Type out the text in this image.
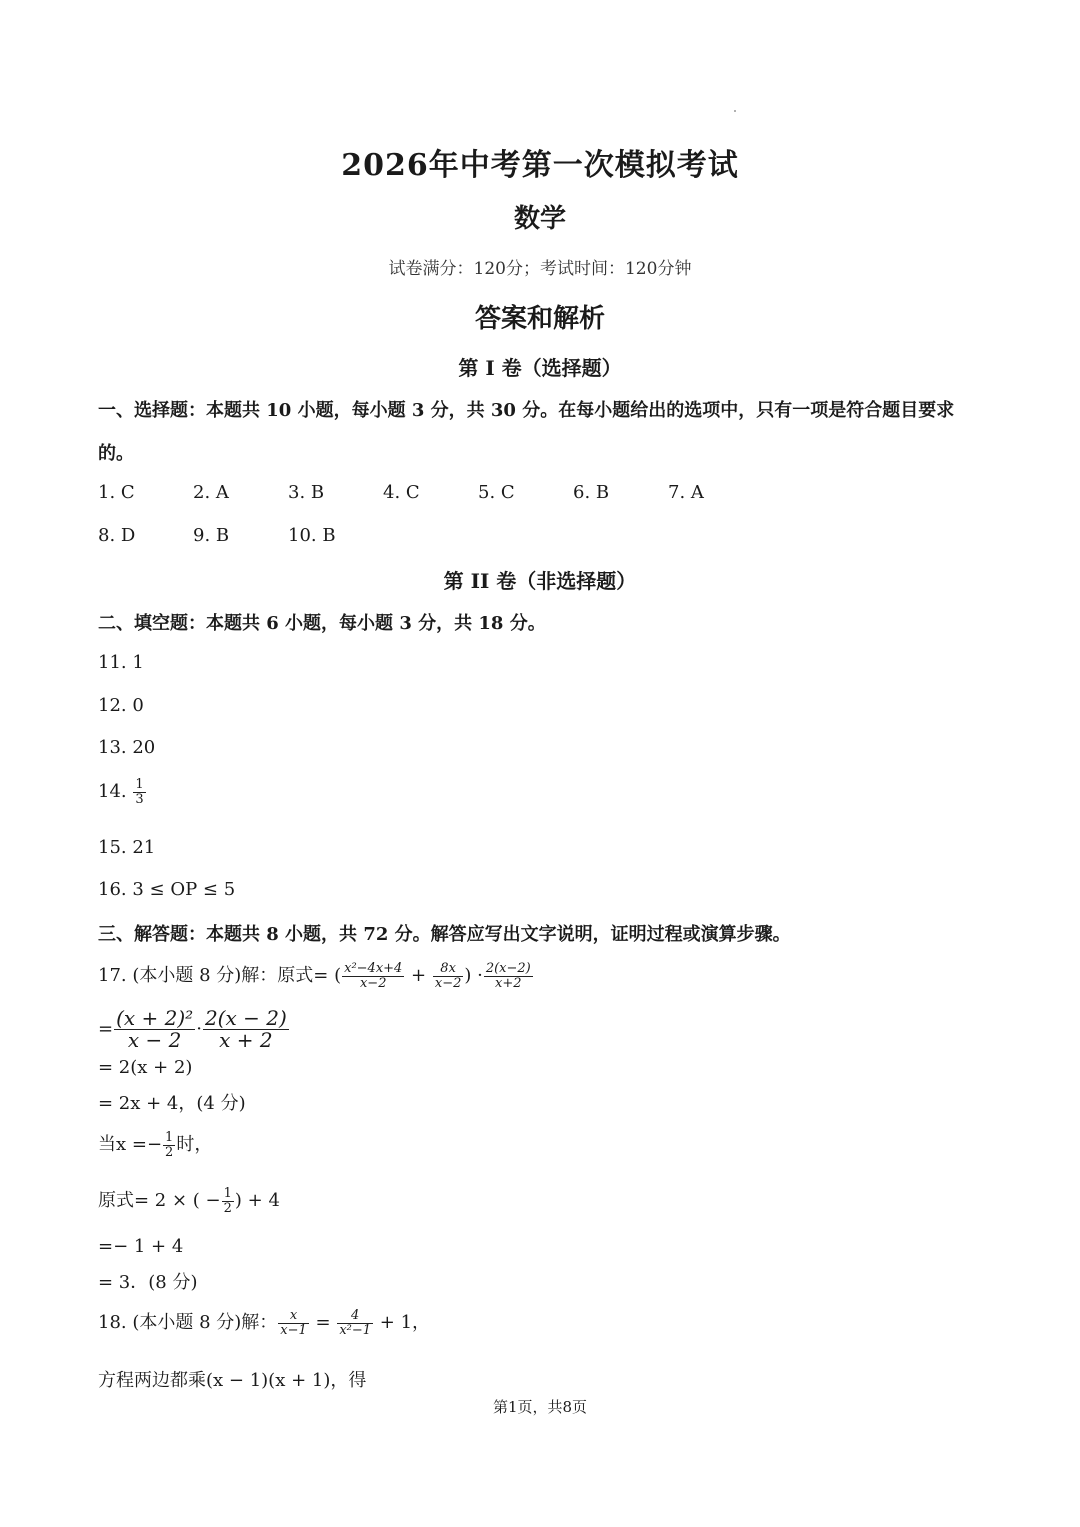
2026年中考第一次模拟考试
数学
试卷满分：120分；考试时间：120分钟
答案和解析
第 I 卷（选择题）
一、选择题：本题共 10 小题，每小题 3 分，共 30 分。在每小题给出的选项中，只有一项是符合题目要求
的。
1. C	2. A	3. B	4. C	5. C	6. B	7. A
8. D	9. B	10. B
第 II 卷（非选择题）
二、填空题：本题共 6 小题，每小题 3 分，共 18 分。
11. 1
12. 0
13. 20
14. $\frac{1}{3}$
15. 21
16. 3 ≤ OP ≤ 5
三、解答题：本题共 8 小题，共 72 分。解答应写出文字说明，证明过程或演算步骤。
17. (本小题 8 分)解：原式= ( $\frac{\text{x²−4x+4}}{x-2} + \frac{8x}{x-2}$ ) · $\frac{2(x-2)}{x+2}$
= $\frac{\text{(x + 2)²}}{x - 2} \cdot \frac{2(x - 2)}{x + 2}$
= 2(x + 2)
= 2x + 4，(4 分)
当$x =- \frac{1}{2}$ 时，
原式= 2 × ( − $\frac{1}{2}$ ) + 4
=− 1 + 4
= 3．(8 分)
18. (本小题 8 分)解： $\frac{x}{x-1} = \frac{4}{\text{x²−1}} + 1$，
方程两边都乘(x − 1)(x + 1)，得
第1页，共8页
